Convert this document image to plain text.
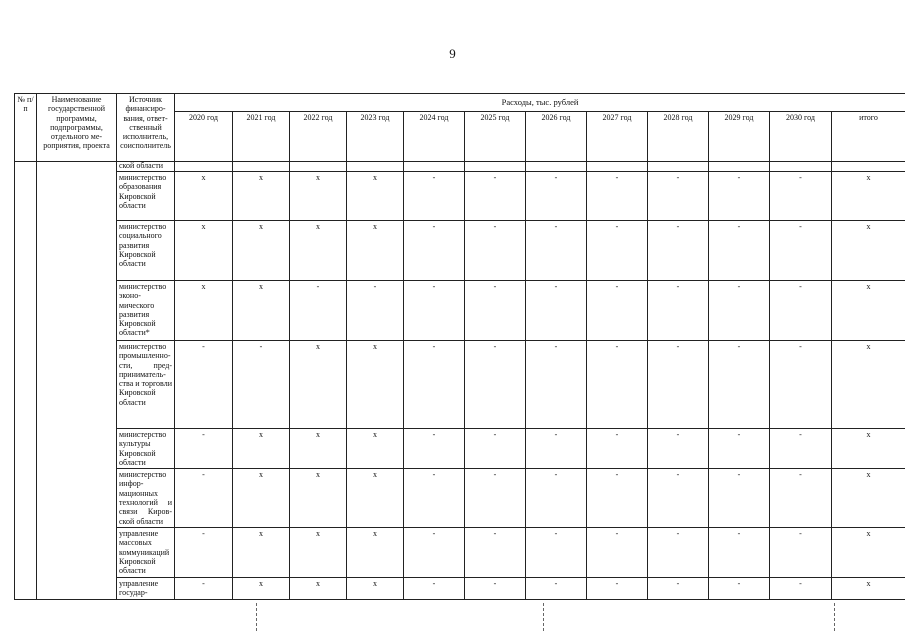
9
№ п/п	Наименование государственной программы, подпрограммы, отдельного мероприятия, проекта	Источник финансирования, ответственный исполнитель, соисполнитель	Расходы, тыс. рублей											
			2020 год	2021 год	2022 год	2023 год	2024 год	2025 год	2026 год	2027 год	2028 год	2029 год	2030 год	итого
		ской области												
		министерство образования Кировской области	x	x	x	x	-	-	-	-	-	-	-	x
		министерство социального развития Кировской области	x	x	x	x	-	-	-	-	-	-	-	x
		министерство экономического развития Кировской области*	x	x	-	-	-	-	-	-	-	-	-	x
		министерство промышленности, предпринимательства и торговли Кировской области	-	-	x	x	-	-	-	-	-	-	-	x
		министерство культуры Кировской области	-	x	x	x	-	-	-	-	-	-	-	x
		министерство информационных технологий и связи Кировской области	-	x	x	x	-	-	-	-	-	-	-	x
		управление массовых коммуникаций Кировской области	-	x	x	x	-	-	-	-	-	-	-	x
		управление государ-	-	x	x	x	-	-	-	-	-	-	-	x
